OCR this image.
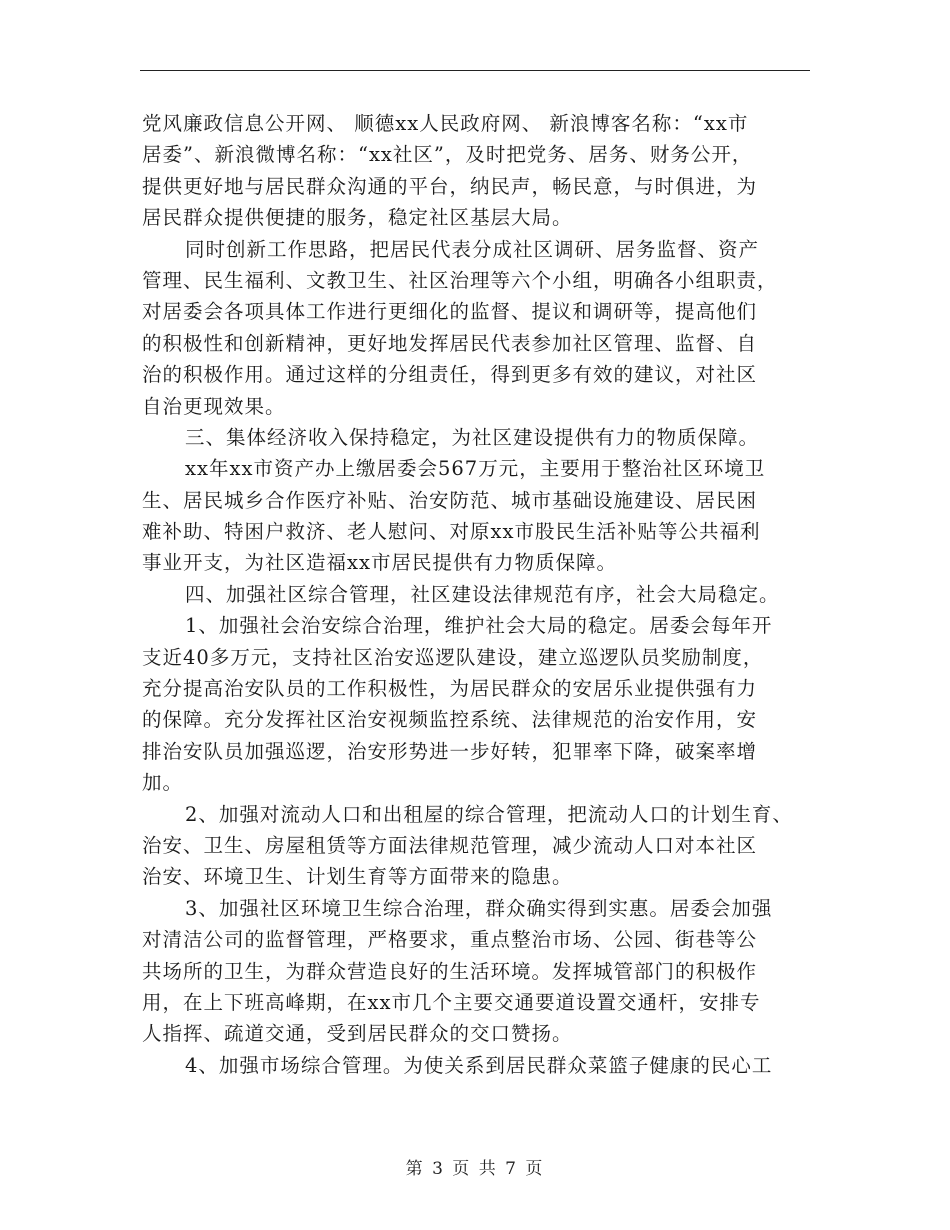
党风廉政信息公开网、 顺德xx人民政府网、 新浪博客名称：“xx市
居委”、新浪微博名称：“xx社区”，及时把党务、居务、财务公开，
提供更好地与居民群众沟通的平台，纳民声，畅民意，与时俱进，为
居民群众提供便捷的服务，稳定社区基层大局。
同时创新工作思路，把居民代表分成社区调研、居务监督、资产
管理、民生福利、文教卫生、社区治理等六个小组，明确各小组职责，
对居委会各项具体工作进行更细化的监督、提议和调研等，提高他们
的积极性和创新精神，更好地发挥居民代表参加社区管理、监督、自
治的积极作用。通过这样的分组责任，得到更多有效的建议，对社区
自治更现效果。
三、集体经济收入保持稳定，为社区建设提供有力的物质保障。
xx年xx市资产办上缴居委会567万元，主要用于整治社区环境卫
生、居民城乡合作医疗补贴、治安防范、城市基础设施建设、居民困
难补助、特困户救济、老人慰问、对原xx市股民生活补贴等公共福利
事业开支，为社区造福xx市居民提供有力物质保障。
四、加强社区综合管理，社区建设法律规范有序，社会大局稳定。
1、加强社会治安综合治理，维护社会大局的稳定。居委会每年开
支近40多万元，支持社区治安巡逻队建设，建立巡逻队员奖励制度，
充分提高治安队员的工作积极性，为居民群众的安居乐业提供强有力
的保障。充分发挥社区治安视频监控系统、法律规范的治安作用，安
排治安队员加强巡逻，治安形势进一步好转，犯罪率下降，破案率增
加。
2、加强对流动人口和出租屋的综合管理，把流动人口的计划生育、
治安、卫生、房屋租赁等方面法律规范管理，减少流动人口对本社区
治安、环境卫生、计划生育等方面带来的隐患。
3、加强社区环境卫生综合治理，群众确实得到实惠。居委会加强
对清洁公司的监督管理，严格要求，重点整治市场、公园、街巷等公
共场所的卫生，为群众营造良好的生活环境。发挥城管部门的积极作
用，在上下班高峰期，在xx市几个主要交通要道设置交通杆，安排专
人指挥、疏道交通，受到居民群众的交口赞扬。
4、加强市场综合管理。为使关系到居民群众菜篮子健康的民心工
第 3 页 共 7 页
